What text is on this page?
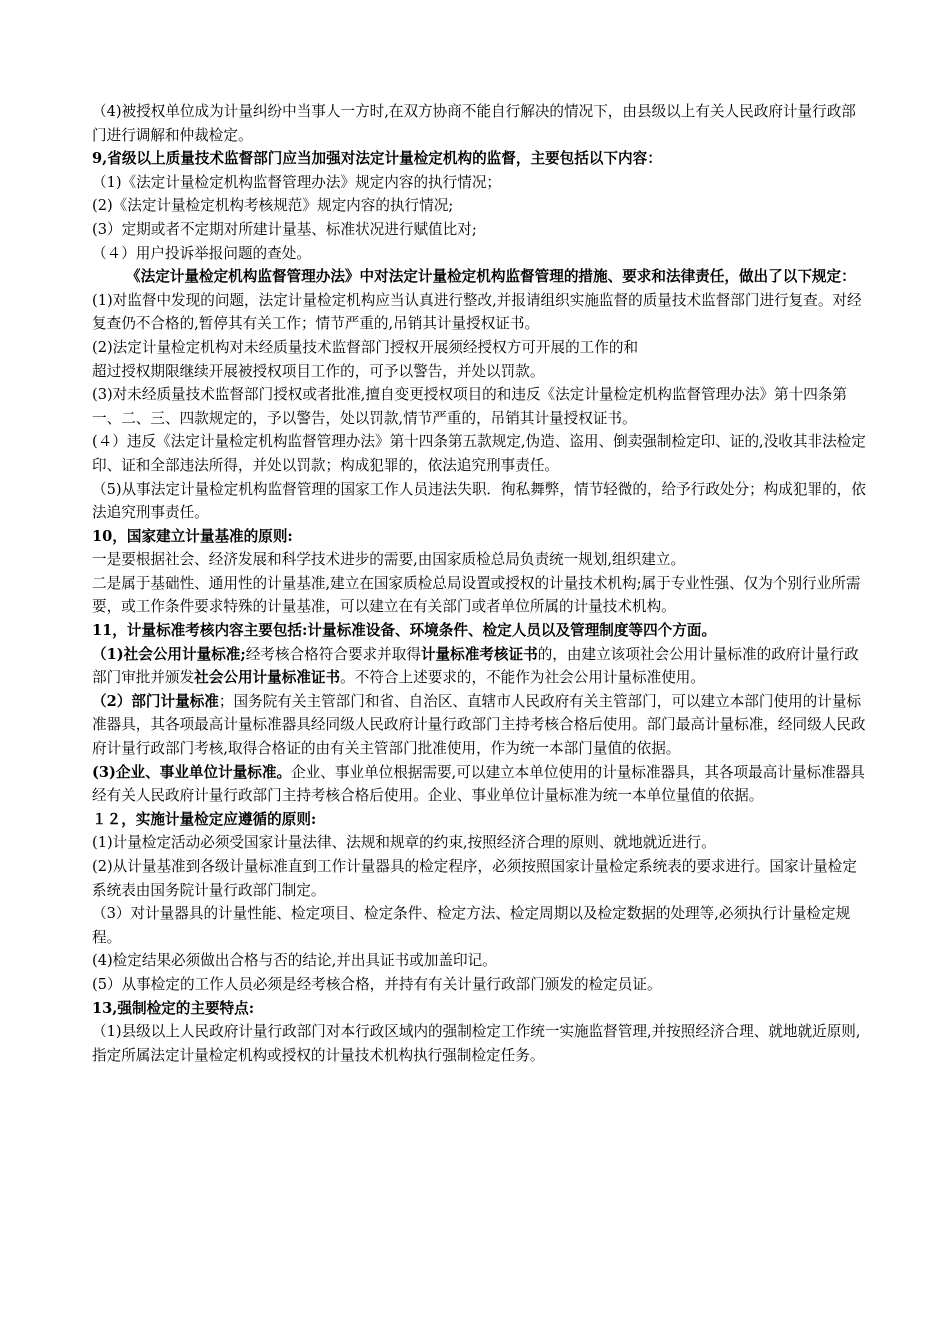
（4)被授权单位成为计量纠纷中当事人一方时,在双方协商不能自行解决的情况下，由县级以上有关人民政府计量行政部门进行调解和仲裁检定。

9,省级以上质量技术监督部门应当加强对法定计量检定机构的监督，主要包括以下内容：

（1)《法定计量检定机构监督管理办法》规定内容的执行情况；

(2)《法定计量检定机构考核规范》规定内容的执行情况;

(3）定期或者不定期对所建计量基、标准状况进行赋值比对;

（４）用户投诉举报问题的查处。

《法定计量检定机构监督管理办法》中对法定计量检定机构监督管理的措施、要求和法律责任，做出了以下规定：

(1)对监督中发现的问题，法定计量检定机构应当认真进行整改,并报请组织实施监督的质量技术监督部门进行复查。对经复查仍不合格的,暂停其有关工作；情节严重的,吊销其计量授权证书。

(2)法定计量检定机构对未经质量技术监督部门授权开展须经授权方可开展的工作的和

超过授权期限继续开展被授权项目工作的，可予以警告，并处以罚款。

(3)对未经质量技术监督部门授权或者批准,擅自变更授权项目的和违反《法定计量检定机构监督管理办法》第十四条第一、二、三、四款规定的，予以警告，处以罚款,情节严重的，吊销其计量授权证书。

(４）违反《法定计量检定机构监督管理办法》第十四条第五款规定,伪造、盗用、倒卖强制检定印、证的,没收其非法检定印、证和全部违法所得，并处以罚款；构成犯罪的，依法追究刑事责任。

（5)从事法定计量检定机构监督管理的国家工作人员违法失职．徇私舞弊，情节轻微的，给予行政处分；构成犯罪的，依法追究刑事责任。

10，国家建立计量基准的原则:

一是要根据社会、经济发展和科学技术进步的需要,由国家质检总局负责统一规划,组织建立。

二是属于基础性、通用性的计量基准,建立在国家质检总局设置或授权的计量技术机构;属于专业性强、仅为个别行业所需要，或工作条件要求特殊的计量基准，可以建立在有关部门或者单位所属的计量技术机构。

11，计量标准考核内容主要包括:计量标准设备、环境条件、检定人员以及管理制度等四个方面。

（1)社会公用计量标准;经考核合格符合要求并取得计量标准考核证书的，由建立该项社会公用计量标准的政府计量行政部门审批并颁发社会公用计量标准证书。不符合上述要求的，不能作为社会公用计量标准使用。

（2）部门计量标准；国务院有关主管部门和省、自治区、直辖市人民政府有关主管部门，可以建立本部门使用的计量标准器具，其各项最高计量标准器具经同级人民政府计量行政部门主持考核合格后使用。部门最高计量标准，经同级人民政府计量行政部门考核,取得合格证的由有关主管部门批准使用，作为统一本部门量值的依据。

(3)企业、事业单位计量标准。企业、事业单位根据需要,可以建立本单位使用的计量标准器具，其各项最高计量标准器具经有关人民政府计量行政部门主持考核合格后使用。企业、事业单位计量标准为统一本单位量值的依据。

１２，实施计量检定应遵循的原则:

(1)计量检定活动必须受国家计量法律、法规和规章的约束,按照经济合理的原则、就地就近进行。

(2)从计量基准到各级计量标准直到工作计量器具的检定程序，必须按照国家计量检定系统表的要求进行。国家计量检定系统表由国务院计量行政部门制定。

（3）对计量器具的计量性能、检定项目、检定条件、检定方法、检定周期以及检定数据的处理等,必须执行计量检定规程。

(4)检定结果必须做出合格与否的结论,并出具证书或加盖印记。

(5）从事检定的工作人员必须是经考核合格，并持有有关计量行政部门颁发的检定员证。

13,强制检定的主要特点:

（1)县级以上人民政府计量行政部门对本行政区域内的强制检定工作统一实施监督管理,并按照经济合理、就地就近原则,指定所属法定计量检定机构或授权的计量技术机构执行强制检定任务。
